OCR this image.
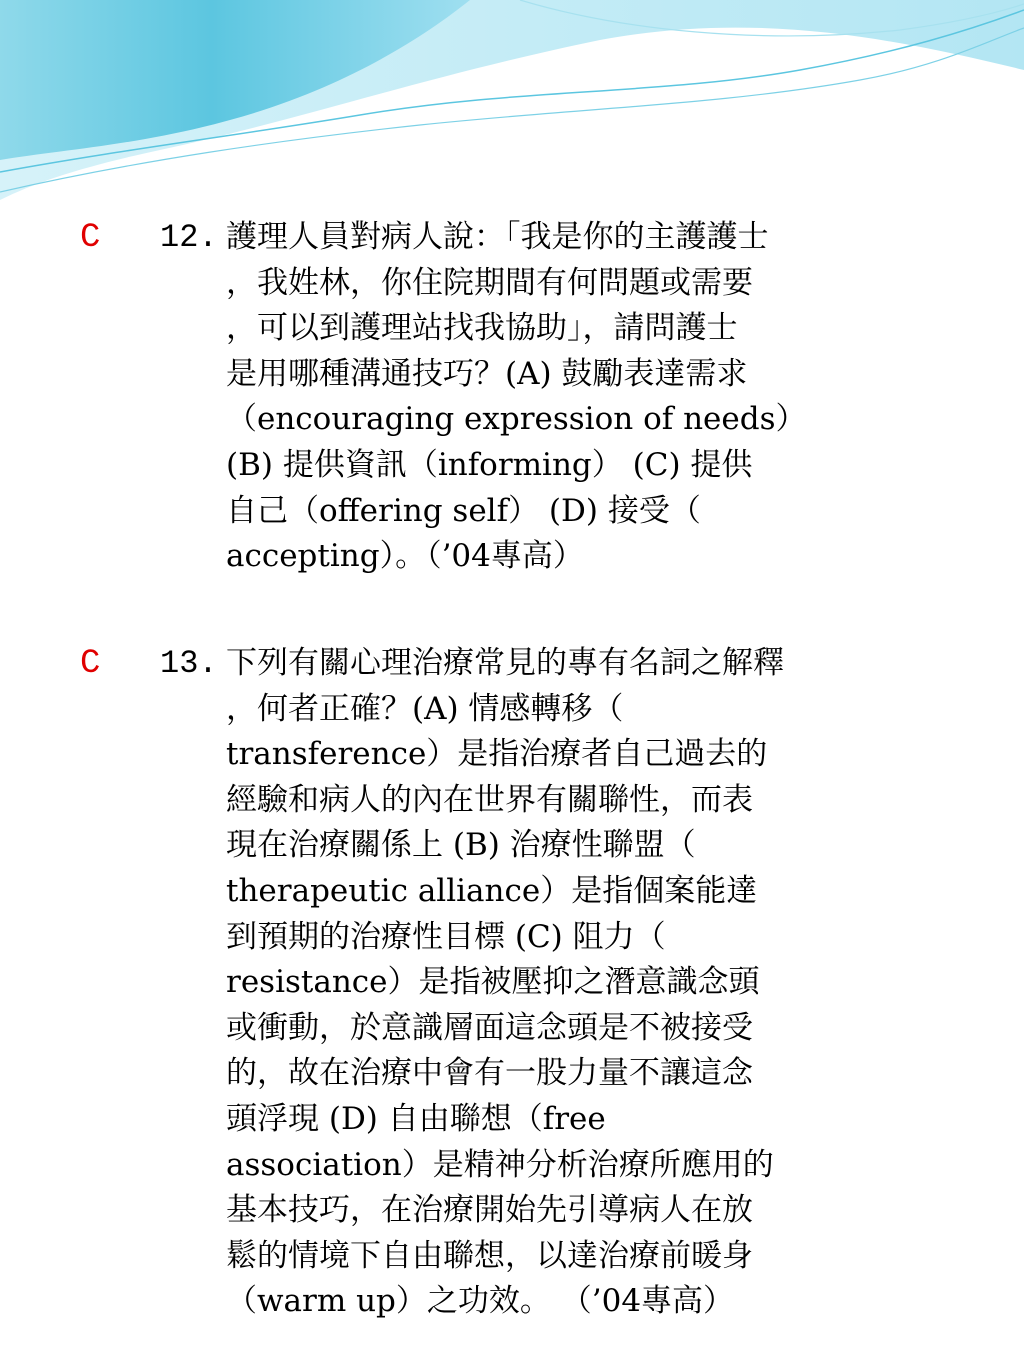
C 12. 護理人員對病人說：「我是你的主護護士
，我姓林，你住院期間有何問題或需要
，可以到護理站找我協助」，請問護士
是用哪種溝通技巧？(A) 鼓勵表達需求
（encouraging expression of needs）
(B) 提供資訊（informing） (C) 提供
自己（offering self） (D) 接受（
accepting）。（’04專高）

C 13. 下列有關心理治療常見的專有名詞之解釋
，何者正確？(A) 情感轉移（
transference）是指治療者自己過去的
經驗和病人的內在世界有關聯性，而表
現在治療關係上 (B) 治療性聯盟（
therapeutic alliance）是指個案能達
到預期的治療性目標 (C) 阻力（
resistance）是指被壓抑之潛意識念頭
或衝動，於意識層面這念頭是不被接受
的，故在治療中會有一股力量不讓這念
頭浮現 (D) 自由聯想（free
association）是精神分析治療所應用的
基本技巧，在治療開始先引導病人在放
鬆的情境下自由聯想，以達治療前暖身
（warm up）之功效。 （’04專高）
